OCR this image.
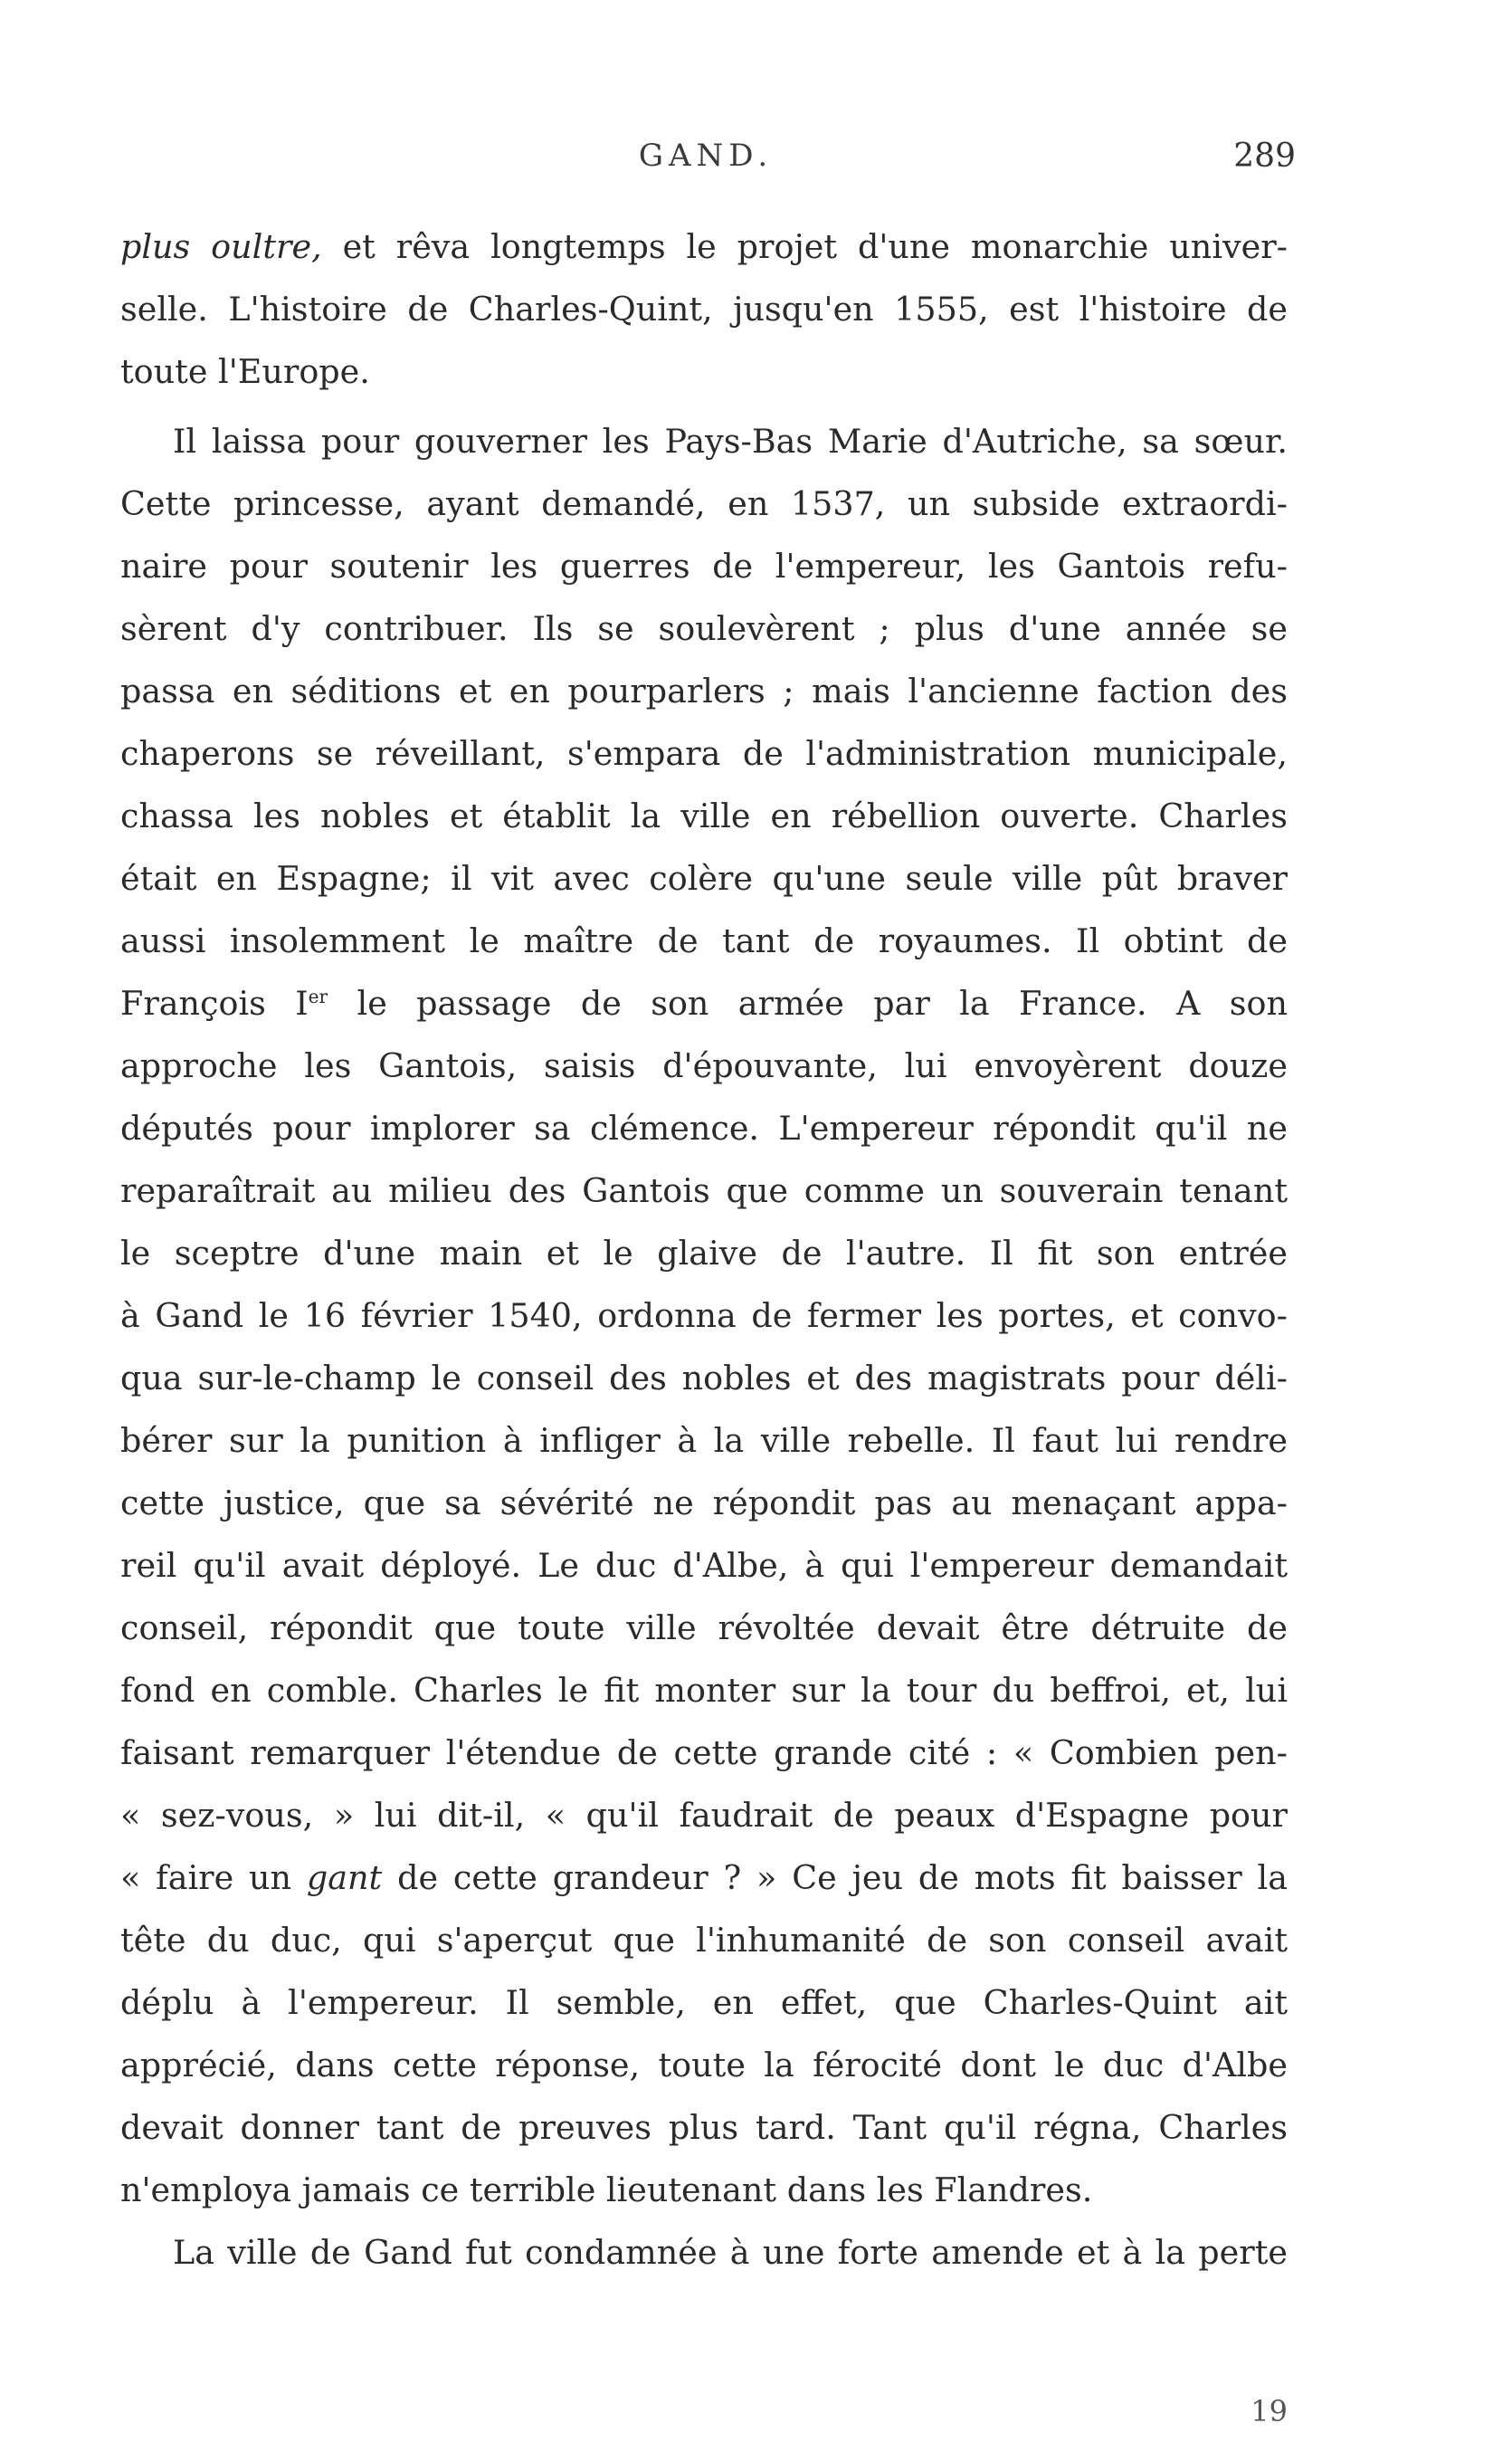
GAND.	289
plus oultre, et rêva longtemps le projet d'une monarchie univer-
selle. L'histoire de Charles-Quint, jusqu'en 1555, est l'histoire de
toute l'Europe.
Il laissa pour gouverner les Pays-Bas Marie d'Autriche, sa sœur.
Cette princesse, ayant demandé, en 1537, un subside extraordi-
naire pour soutenir les guerres de l'empereur, les Gantois refu-
sèrent d'y contribuer. Ils se soulevèrent ; plus d'une année se
passa en séditions et en pourparlers ; mais l'ancienne faction des
chaperons se réveillant, s'empara de l'administration municipale,
chassa les nobles et établit la ville en rébellion ouverte. Charles
était en Espagne; il vit avec colère qu'une seule ville pût braver
aussi insolemment le maître de tant de royaumes. Il obtint de
François Ier le passage de son armée par la France. A son
approche les Gantois, saisis d'épouvante, lui envoyèrent douze
députés pour implorer sa clémence. L'empereur répondit qu'il ne
reparaîtrait au milieu des Gantois que comme un souverain tenant
le sceptre d'une main et le glaive de l'autre. Il fit son entrée
à Gand le 16 février 1540, ordonna de fermer les portes, et convo-
qua sur-le-champ le conseil des nobles et des magistrats pour déli-
bérer sur la punition à infliger à la ville rebelle. Il faut lui rendre
cette justice, que sa sévérité ne répondit pas au menaçant appa-
reil qu'il avait déployé. Le duc d'Albe, à qui l'empereur demandait
conseil, répondit que toute ville révoltée devait être détruite de
fond en comble. Charles le fit monter sur la tour du beffroi, et, lui
faisant remarquer l'étendue de cette grande cité : « Combien pen-
« sez-vous, » lui dit-il, « qu'il faudrait de peaux d'Espagne pour
« faire un gant de cette grandeur ? » Ce jeu de mots fit baisser la
tête du duc, qui s'aperçut que l'inhumanité de son conseil avait
déplu à l'empereur. Il semble, en effet, que Charles-Quint ait
apprécié, dans cette réponse, toute la férocité dont le duc d'Albe
devait donner tant de preuves plus tard. Tant qu'il régna, Charles
n'employa jamais ce terrible lieutenant dans les Flandres.
La ville de Gand fut condamnée à une forte amende et à la perte
19
